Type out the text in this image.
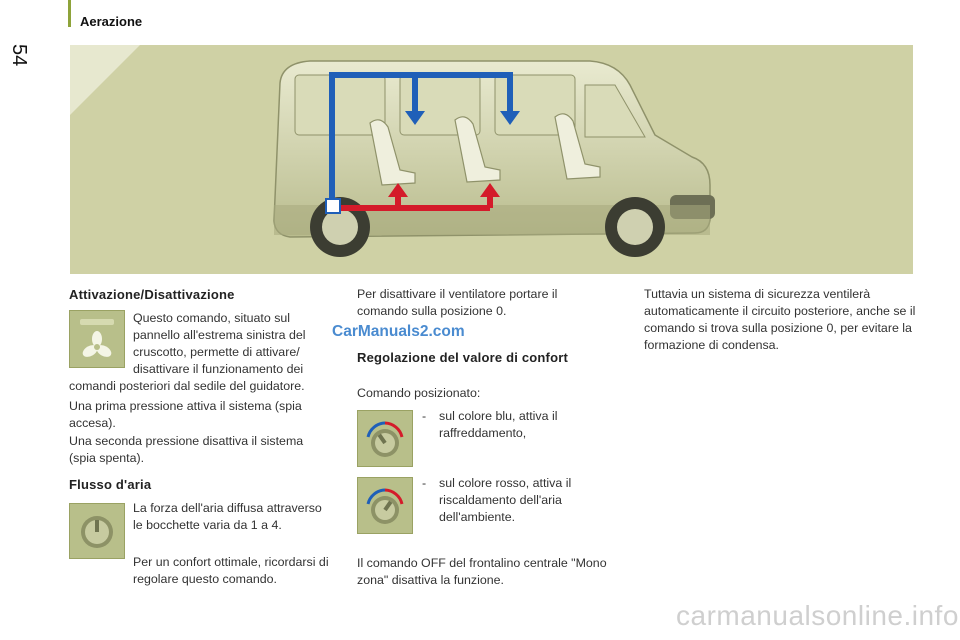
Aerazione
54
Attivazione/Disattivazione
Questo comando, situato sul
pannello all'estrema sinistra del
cruscotto, permette di attivare/
disattivare il funzionamento dei
comandi posteriori dal sedile del guidatore.
Una prima pressione attiva il sistema (spia accesa).
Una seconda pressione disattiva il sistema (spia spenta).
Flusso d'aria
La forza dell'aria diffusa attraverso le bocchette varia da 1 a 4.
Per un confort ottimale, ricordarsi di regolare questo comando.
Per disattivare il ventilatore portare il comando sulla posizione 0.
CarManuals2.com
Regolazione del valore di confort
Comando posizionato:
- sul colore blu, attiva il raffreddamento,
- sul colore rosso, attiva il riscaldamento dell'aria dell'ambiente.
Il comando OFF del frontalino centrale "Mono zona" disattiva la funzione.
Tuttavia un sistema di sicurezza ventilerà automaticamente il circuito posteriore, anche se il comando si trova sulla posizione 0, per evitare la formazione di condensa.
carmanualsonline.info
